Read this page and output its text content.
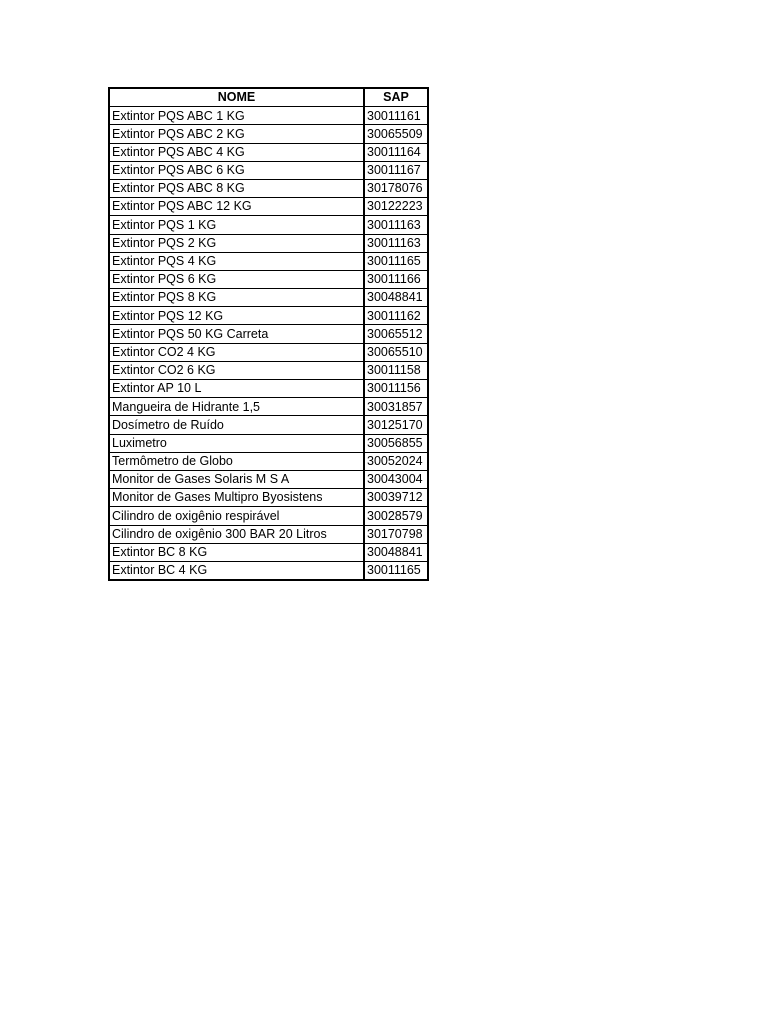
NOME	SAP
Extintor PQS ABC 1 KG	30011161
Extintor PQS ABC 2 KG	30065509
Extintor PQS ABC 4 KG	30011164
Extintor PQS ABC 6 KG	30011167
Extintor PQS ABC 8 KG	30178076
Extintor PQS ABC 12 KG	30122223
Extintor PQS 1 KG	30011163
Extintor PQS 2 KG	30011163
Extintor PQS 4 KG	30011165
Extintor PQS 6 KG	30011166
Extintor PQS 8 KG	30048841
Extintor PQS 12 KG	30011162
Extintor PQS 50 KG Carreta	30065512
Extintor CO2 4 KG	30065510
Extintor CO2 6 KG	30011158
Extintor AP 10 L	30011156
Mangueira de Hidrante 1,5	30031857
Dosímetro de Ruído	30125170
Luximetro	30056855
Termômetro de Globo	30052024
Monitor de Gases Solaris M S A	30043004
Monitor de Gases Multipro Byosistens	30039712
Cilindro de oxigênio respirável	30028579
Cilindro de oxigênio 300 BAR 20 Litros	30170798
Extintor BC 8 KG	30048841
Extintor BC 4 KG	30011165
